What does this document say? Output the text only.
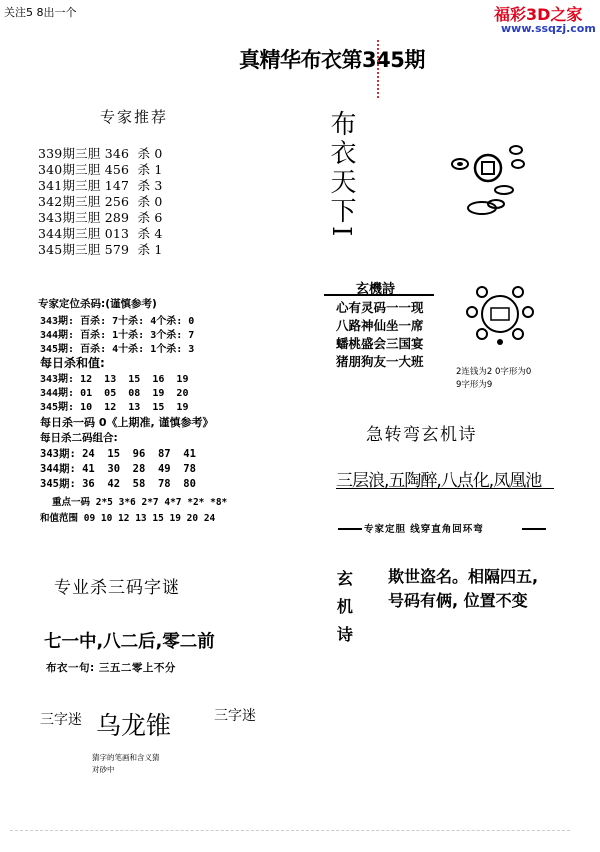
关注5 8出一个	福彩3D之家
www.ssqzj.com
真精华布衣第345期
专家推荐
339期三胆 346  杀 0
340期三胆 456  杀 1
341期三胆 147  杀 3
342期三胆 256  杀 0
343期三胆 289  杀 6
344期三胆 013  杀 4
345期三胆 579  杀 1
专家定位杀码:(谨慎参考)
343期: 百杀: 7十杀: 4个杀: 0
344期: 百杀: 1十杀: 3个杀: 7
345期: 百杀: 4十杀: 1个杀: 3
每日杀和值:
343期: 12  13  15  16  19
344期: 01  05  08  19  20
345期: 10  12  13  15  19
每日杀一码 0《上期准, 谨慎参考》
每日杀二码组合:
343期: 24  15  96  87  41
344期: 41  30  28  49  78
345期: 36  42  58  78  80
重点一码 2*5 3*6 2*7 4*7 *2* *8*
和值范围 09 10 12 13 15 19 20 24
专业杀三码字谜
七一中,八二后,零二前
布衣一句: 三五二零上不分
三字迷 乌龙锥
猜字的笔画和含义猜
对砂中
三字迷
布衣天下I
玄機詩
心有灵码一一现
八路神仙坐一席
蟠桃盛会三国宴
猪朋狗友一大班
2连钱为2 0字形为0
9字形为9
急转弯玄机诗
三层浪,五陶醉,八点化,凤凰池
专家定胆 线穿直角回环弯
玄机诗 欺世盗名。相隔四五,
号码有俩, 位置不变
